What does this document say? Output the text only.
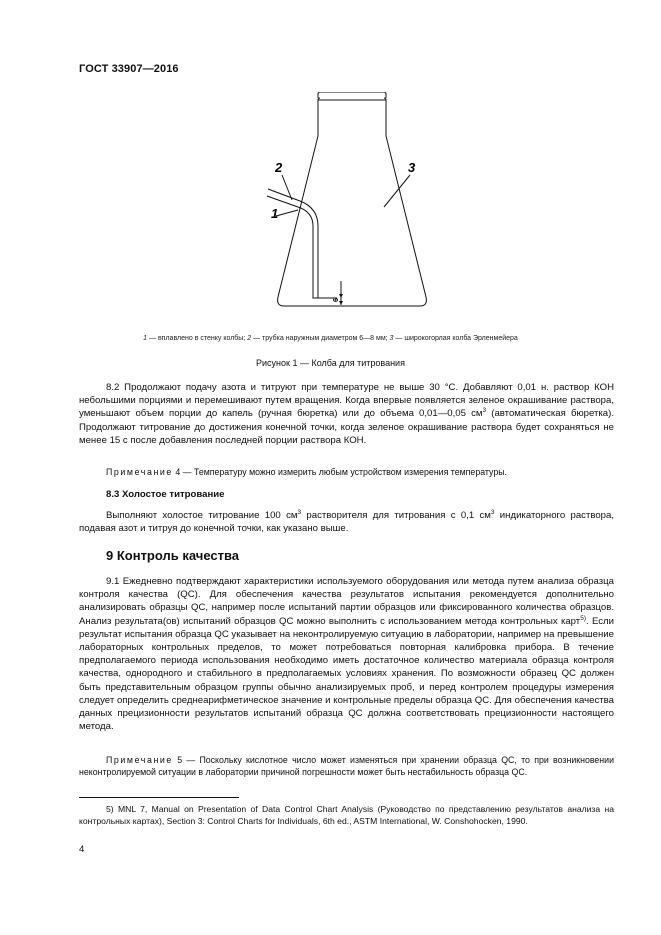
ГОСТ 33907—2016
2
1
3
6
1 — вплавлено в стенку колбы; 2 — трубка наружным диаметром 6—8 мм; 3 — широкогорлая колба Эрленмейера
Рисунок 1 — Колба для титрования
8.2 Продолжают подачу азота и титруют при температуре не выше 30 °С. Добавляют 0,01 н. раствор КОН небольшими порциями и перемешивают путем вращения. Когда впервые появляется зеленое окрашивание раствора, уменьшают объем порции до капель (ручная бюретка) или до объема 0,01—0,05 $см^3$ (автоматическая бюретка). Продолжают титрование до достижения конечной точки, когда зеленое окрашивание раствора будет сохраняться не менее 15 с после добавления последней порции раствора КОН.
Примечание 4 — Температуру можно измерить любым устройством измерения температуры.
8.3 Холостое титрование
Выполняют холостое титрование 100 $см^3$ растворителя для титрования с 0,1 $см^3$ индикаторного раствора, подавая азот и титруя до конечной точки, как указано выше.
9 Контроль качества
9.1 Ежедневно подтверждают характеристики используемого оборудования или метода путем анализа образца контроля качества (QC). Для обеспечения качества результатов испытания рекомендуется дополнительно анализировать образцы QC, например после испытаний партии образцов или фиксированного количества образцов. Анализ результата(ов) испытаний образцов QC можно выполнить с использованием метода контрольных карт$^{5)}$. Если результат испытания образца QC указывает на неконтролируемую ситуацию в лаборатории, например на превышение лабораторных контрольных пределов, то может потребоваться повторная калибровка прибора. В течение предполагаемого периода использования необходимо иметь достаточное количество материала образца контроля качества, однородного и стабильного в предполагаемых условиях хранения. По возможности образец QC должен быть представительным образцом группы обычно анализируемых проб, и перед контролем процедуры измерения следует определить среднеарифметическое значение и контрольные пределы образца QC. Для обеспечения качества данных прецизионности результатов испытаний образца QC должна соответствовать прецизионности настоящего метода.
Примечание 5 — Поскольку кислотное число может изменяться при хранении образца QC, то при возникновении неконтролируемой ситуации в лаборатории причиной погрешности может быть нестабильность образца QC.
5) MNL 7, Manual on Presentation of Data Control Chart Analysis (Руководство по представлению результатов анализа на контрольных картах), Section 3: Control Charts for Individuals, 6th ed., ASTM International, W. Conshohocken, 1990.
4
